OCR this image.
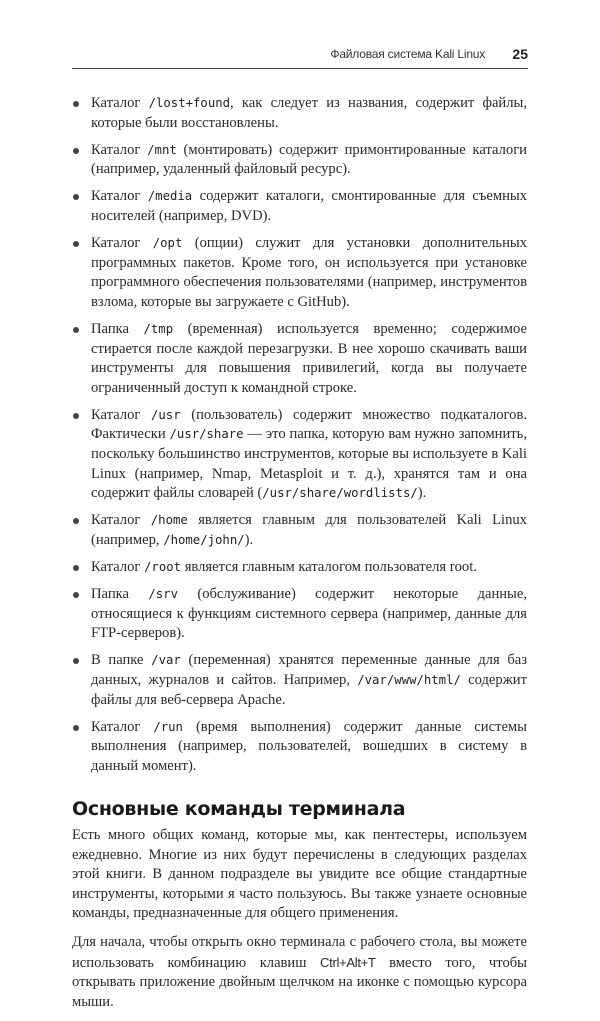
Файловая система Kali Linux 25
Каталог /lost+found, как следует из названия, содержит файлы, которые были восстановлены.
Каталог /mnt (монтировать) содержит примонтированные каталоги (например, удаленный файловый ресурс).
Каталог /media содержит каталоги, смонтированные для съемных носителей (например, DVD).
Каталог /opt (опции) служит для установки дополнительных программных пакетов. Кроме того, он используется при установке программного обеспечения пользователями (например, инструментов взлома, которые вы загружаете с GitHub).
Папка /tmp (временная) используется временно; содержимое стирается после каждой перезагрузки. В нее хорошо скачивать ваши инструменты для повышения привилегий, когда вы получаете ограниченный доступ к командной строке.
Каталог /usr (пользователь) содержит множество подкаталогов. Фактически /usr/share — это папка, которую вам нужно запомнить, поскольку большинство инструментов, которые вы используете в Kali Linux (например, Nmap, Metasploit и т. д.), хранятся там и она содержит файлы словарей (/usr/share/wordlists/).
Каталог /home является главным для пользователей Kali Linux (например, /home/john/).
Каталог /root является главным каталогом пользователя root.
Папка /srv (обслуживание) содержит некоторые данные, относящиеся к функциям системного сервера (например, данные для FTP-серверов).
В папке /var (переменная) хранятся переменные данные для баз данных, журналов и сайтов. Например, /var/www/html/ содержит файлы для веб-сервера Apache.
Каталог /run (время выполнения) содержит данные системы выполнения (например, пользователей, вошедших в систему в данный момент).
Основные команды терминала

Есть много общих команд, которые мы, как пентестеры, используем ежедневно. Многие из них будут перечислены в следующих разделах этой книги. В данном подразделе вы увидите все общие стандартные инструменты, которыми я часто пользуюсь. Вы также узнаете основные команды, предназначенные для общего применения.

Для начала, чтобы открыть окно терминала с рабочего стола, вы можете использовать комбинацию клавиш Ctrl+Alt+T вместо того, чтобы открывать приложение двойным щелчком на иконке с помощью курсора мыши.
